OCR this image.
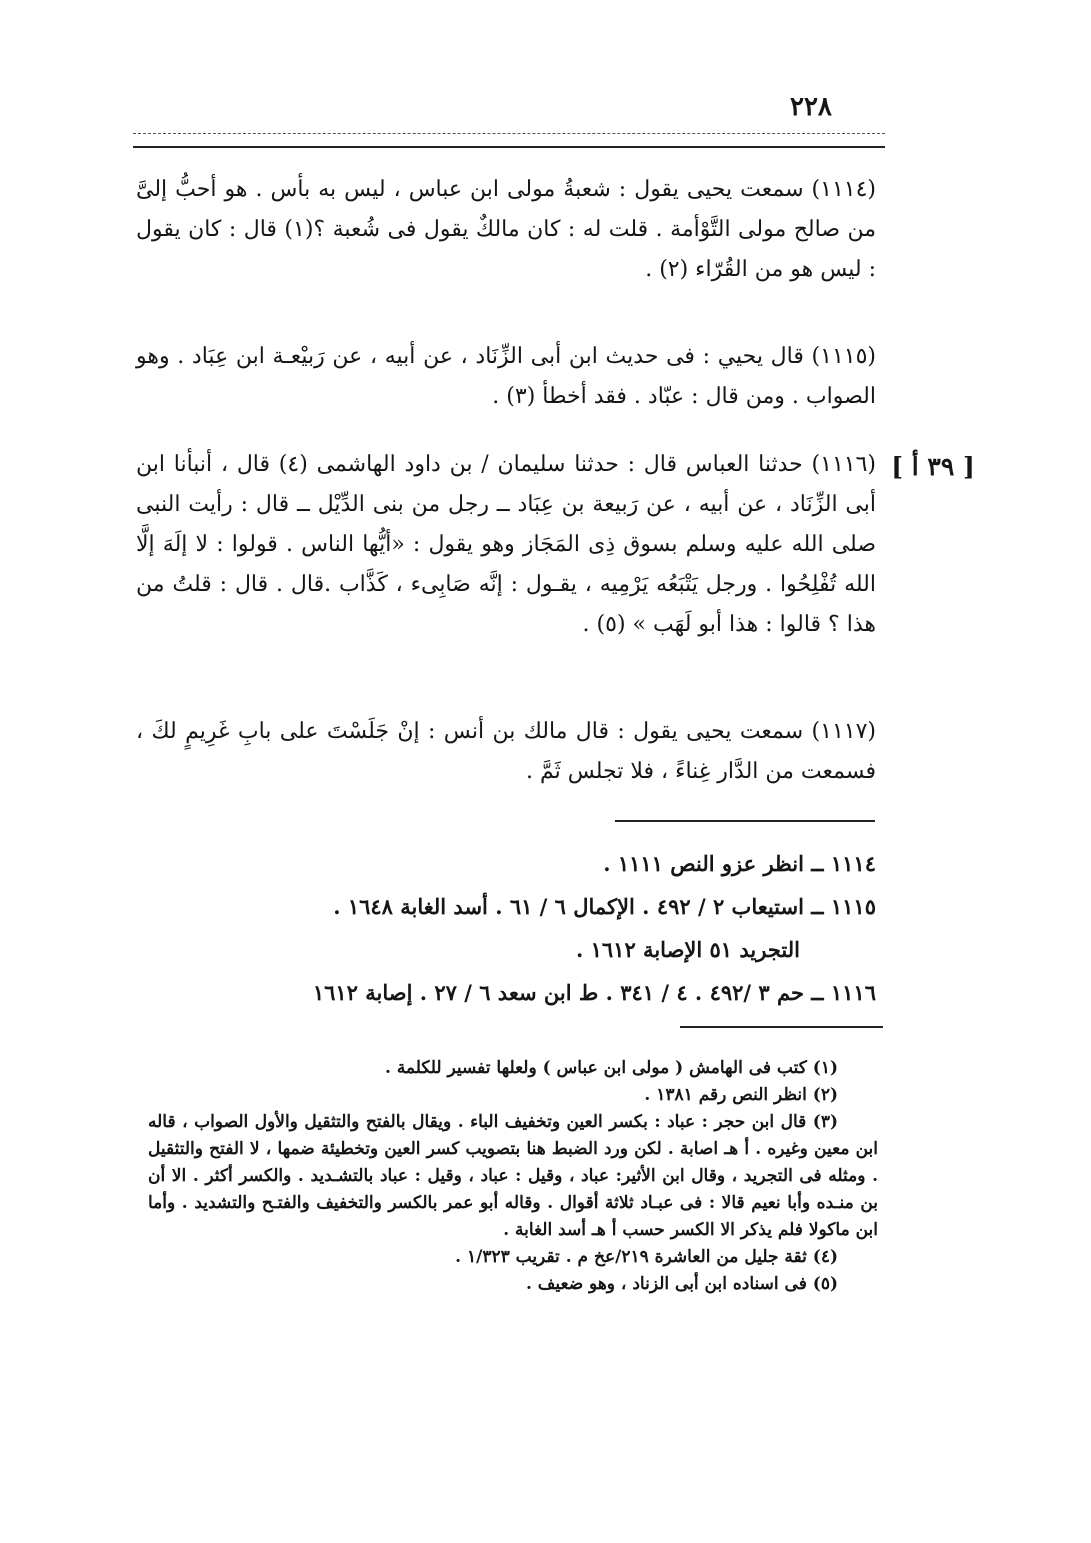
٢٢٨
[ ٣٩ أ ]

(١١١٤) سمعت يحيى يقول : شعبةُ مولى ابن عباس ، ليس به بأس . هو أحبُّ إلىَّ من صالح مولى التَّوْأمة . قلت له : كان مالكٌ يقول فى شُعبة ؟(١) قال : كان يقول : ليس هو من القُرّاء (٢) .

(١١١٥) قال يحيي : فى حديث ابن أبى الزِّنَاد ، عن أبيه ، عن رَبيْعـة ابن عِبَاد . وهو الصواب . ومن قال : عبّاد . فقد أخطأ (٣) .

(١١١٦) حدثنا العباس قال : حدثنا سليمان / بن داود الهاشمى (٤) قال ، أنبأنا ابن أبى الزِّنَاد ، عن أبيه ، عن رَبيعة بن عِبَاد ــ رجل من بنى الدِّيْل ــ قال : رأيت النبى صلى الله عليه وسلم بسوق ذِى المَجَاز وهو يقول : «أيُّها الناس . قولوا : لا إلَهَ إلَّا الله تُفْلِحُوا . ورجل يَتْبَعُه يَرْمِيه ، يقـول : إنَّه صَابِىء ، كَذَّاب .قال . قال : قلتُ من هذا ؟ قالوا : هذا أبو لَهَب » (٥) .

(١١١٧) سمعت يحيى يقول : قال مالك بن أنس : إنْ جَلَسْتَ على بابِ غَرِيمٍ لكَ ، فسمعت من الدَّار غِناءً ، فلا تجلس ثَمَّ .

١١١٤ ــ انظر عزو النص ١١١١ .
١١١٥ ــ استيعاب ٢ / ٤٩٢ . الإكمال ٦ / ٦١ . أسد الغابة ١٦٤٨ .
التجريد ٥١ الإصابة ١٦١٢ .
١١١٦ ــ حم ٣ /٤٩٢ . ٤ / ٣٤١ . ط ابن سعد ٦ / ٢٧ . إصابة ١٦١٢

(١) كتب فى الهامش ( مولى ابن عباس ) ولعلها تفسير للكلمة .

(٢) انظر النص رقم ١٣٨١ .

(٣) قال ابن حجر : عباد : بكسر العين وتخفيف الباء . ويقال بالفتح والتثقيل والأول الصواب ، قاله ابن معين وغيره . أ هـ اصابة . لكن ورد الضبط هنا بتصويب كسر العين وتخطيئة ضمها ، لا الفتح والتثقيل . ومثله فى التجريد ، وقال ابن الأثير: عباد ، وقيل : عباد ، وقيل : عباد بالتشـديد . والكسر أكثر . الا أن بن منـده وأبا نعيم قالا : فى عبـاد ثلاثة أقوال . وقاله أبو عمر بالكسر والتخفيف والفتـح والتشديد . وأما ابن ماكولا فلم يذكر الا الكسر حسب أ هـ أسد الغابة .

(٤) ثقة جليل من العاشرة ٢١٩/عخ م . تقريب ١/٣٢٣ .

(٥) فى اسناده ابن أبى الزناد ، وهو ضعيف .
